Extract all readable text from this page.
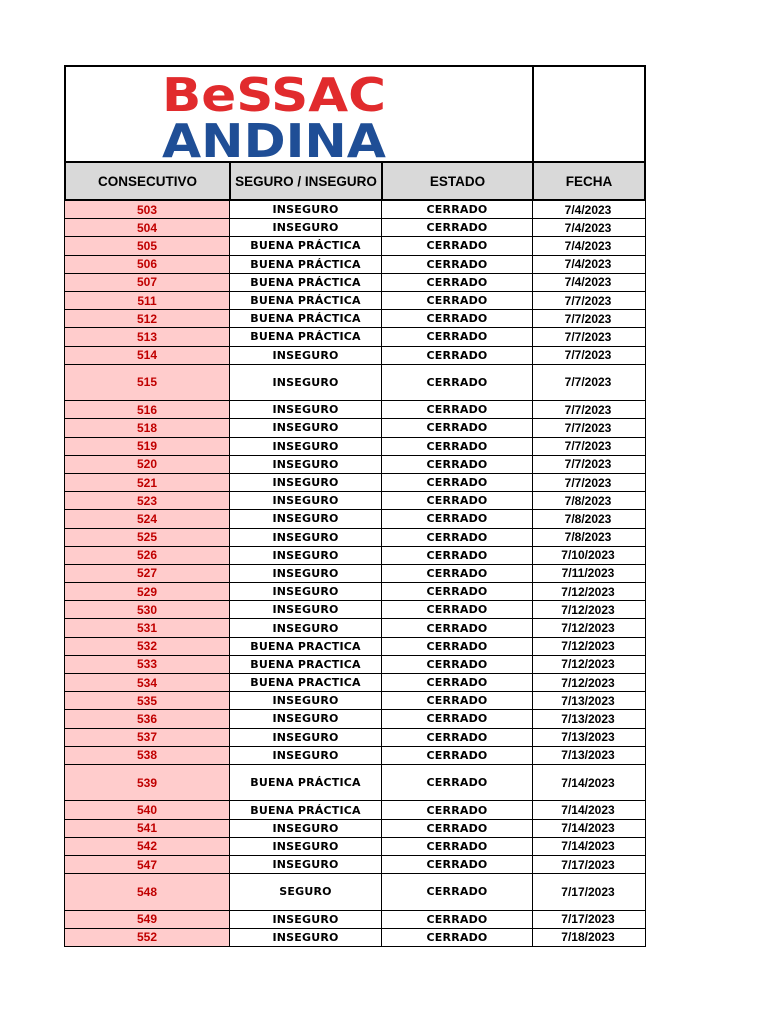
BeSSAC
ANDINA
CONSECUTIVO	SEGURO / INSEGURO	ESTADO	FECHA
503	INSEGURO	CERRADO	7/4/2023
504	INSEGURO	CERRADO	7/4/2023
505	BUENA PRÁCTICA	CERRADO	7/4/2023
506	BUENA PRÁCTICA	CERRADO	7/4/2023
507	BUENA PRÁCTICA	CERRADO	7/4/2023
511	BUENA PRÁCTICA	CERRADO	7/7/2023
512	BUENA PRÁCTICA	CERRADO	7/7/2023
513	BUENA PRÁCTICA	CERRADO	7/7/2023
514	INSEGURO	CERRADO	7/7/2023
515	INSEGURO	CERRADO	7/7/2023
516	INSEGURO	CERRADO	7/7/2023
518	INSEGURO	CERRADO	7/7/2023
519	INSEGURO	CERRADO	7/7/2023
520	INSEGURO	CERRADO	7/7/2023
521	INSEGURO	CERRADO	7/7/2023
523	INSEGURO	CERRADO	7/8/2023
524	INSEGURO	CERRADO	7/8/2023
525	INSEGURO	CERRADO	7/8/2023
526	INSEGURO	CERRADO	7/10/2023
527	INSEGURO	CERRADO	7/11/2023
529	INSEGURO	CERRADO	7/12/2023
530	INSEGURO	CERRADO	7/12/2023
531	INSEGURO	CERRADO	7/12/2023
532	BUENA PRACTICA	CERRADO	7/12/2023
533	BUENA PRACTICA	CERRADO	7/12/2023
534	BUENA PRACTICA	CERRADO	7/12/2023
535	INSEGURO	CERRADO	7/13/2023
536	INSEGURO	CERRADO	7/13/2023
537	INSEGURO	CERRADO	7/13/2023
538	INSEGURO	CERRADO	7/13/2023
539	BUENA PRÁCTICA	CERRADO	7/14/2023
540	BUENA PRÁCTICA	CERRADO	7/14/2023
541	INSEGURO	CERRADO	7/14/2023
542	INSEGURO	CERRADO	7/14/2023
547	INSEGURO	CERRADO	7/17/2023
548	SEGURO	CERRADO	7/17/2023
549	INSEGURO	CERRADO	7/17/2023
552	INSEGURO	CERRADO	7/18/2023
